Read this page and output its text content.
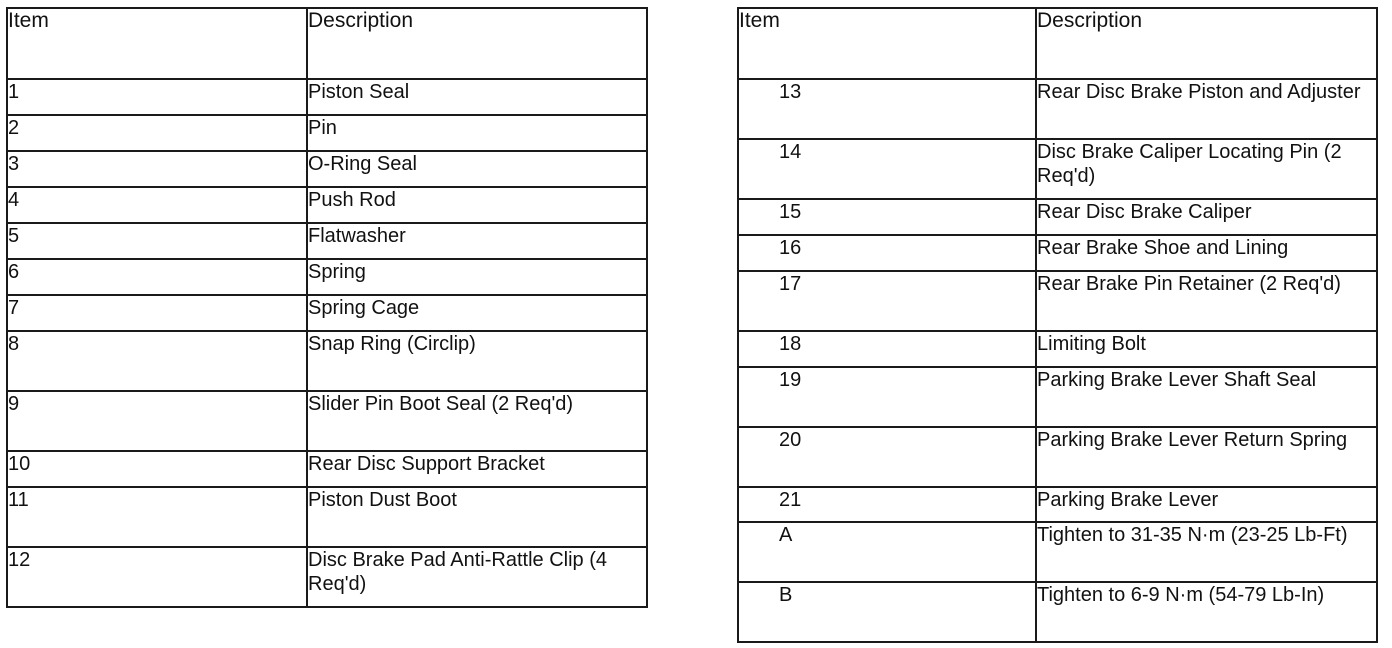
Item	Description
1	Piston Seal
2	Pin
3	O-Ring Seal
4	Push Rod
5	Flatwasher
6	Spring
7	Spring Cage
8	Snap Ring (Circlip)
9	Slider Pin Boot Seal (2 Req'd)
10	Rear Disc Support Bracket
11	Piston Dust Boot
12	Disc Brake Pad Anti-Rattle Clip (4 Req'd)
Item	Description
13	Rear Disc Brake Piston and Adjuster
14	Disc Brake Caliper Locating Pin (2 Req'd)
15	Rear Disc Brake Caliper
16	Rear Brake Shoe and Lining
17	Rear Brake Pin Retainer (2 Req'd)
18	Limiting Bolt
19	Parking Brake Lever Shaft Seal
20	Parking Brake Lever Return Spring
21	Parking Brake Lever
A	Tighten to 31-35 N·m (23-25 Lb-Ft)
B	Tighten to 6-9 N·m (54-79 Lb-In)
